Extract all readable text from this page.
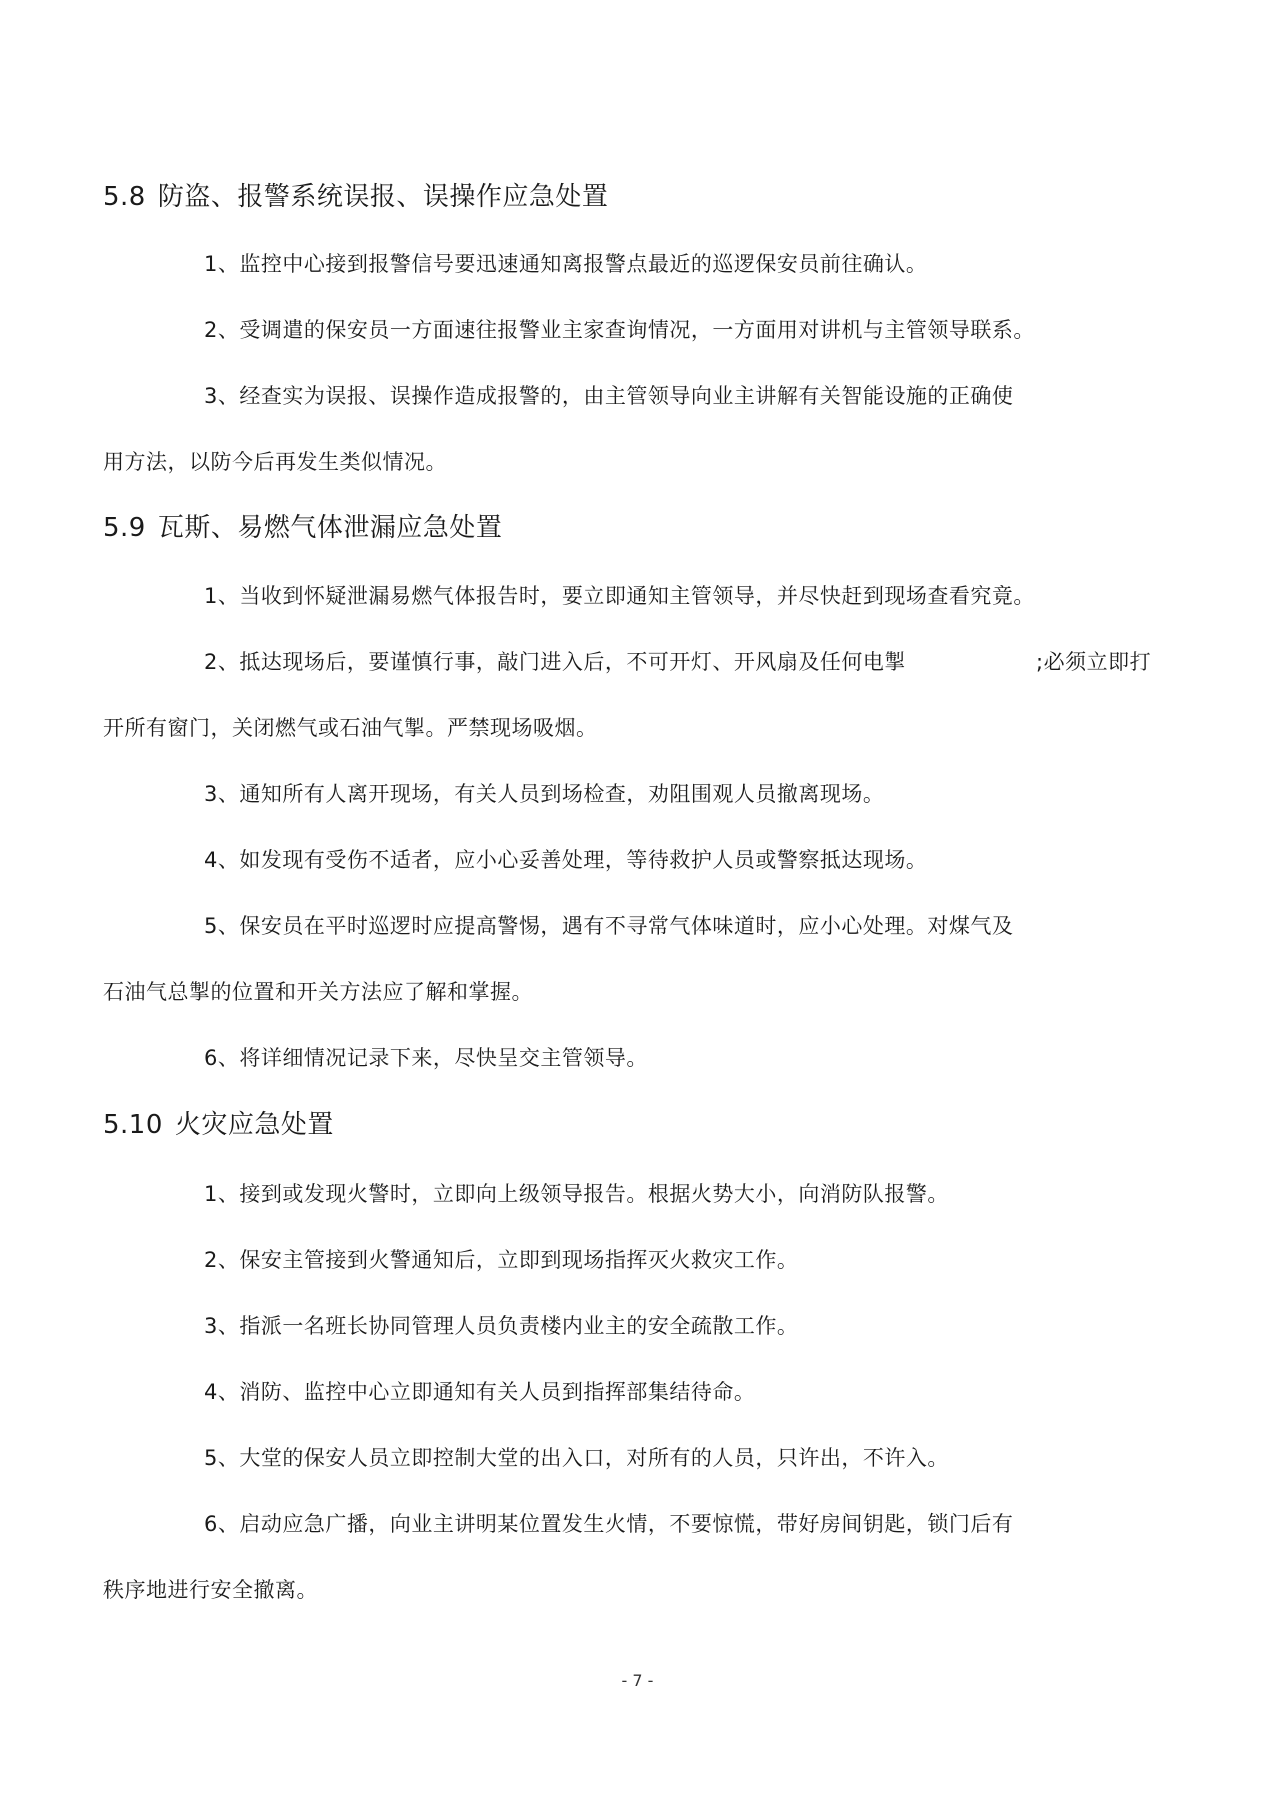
5.8 防盗、报警系统误报、误操作应急处置
1、监控中心接到报警信号要迅速通知离报警点最近的巡逻保安员前往确认。
2、受调遣的保安员一方面速往报警业主家查询情况，一方面用对讲机与主管领导联系。
3、经查实为误报、误操作造成报警的，由主管领导向业主讲解有关智能设施的正确使
用方法，以防今后再发生类似情况。
5.9 瓦斯、易燃气体泄漏应急处置
1、当收到怀疑泄漏易燃气体报告时，要立即通知主管领导，并尽快赶到现场查看究竟。
2、抵达现场后，要谨慎行事，敲门进入后，不可开灯、开风扇及任何电掣	;必须立即打
开所有窗门，关闭燃气或石油气掣。严禁现场吸烟。
3、通知所有人离开现场，有关人员到场检查，劝阻围观人员撤离现场。
4、如发现有受伤不适者，应小心妥善处理，等待救护人员或警察抵达现场。
5、保安员在平时巡逻时应提高警惕，遇有不寻常气体味道时，应小心处理。对煤气及
石油气总掣的位置和开关方法应了解和掌握。
6、将详细情况记录下来，尽快呈交主管领导。
5.10 火灾应急处置
1、接到或发现火警时，立即向上级领导报告。根据火势大小，向消防队报警。
2、保安主管接到火警通知后，立即到现场指挥灭火救灾工作。
3、指派一名班长协同管理人员负责楼内业主的安全疏散工作。
4、消防、监控中心立即通知有关人员到指挥部集结待命。
5、大堂的保安人员立即控制大堂的出入口，对所有的人员，只许出，不许入。
6、启动应急广播，向业主讲明某位置发生火情，不要惊慌，带好房间钥匙，锁门后有
秩序地进行安全撤离。
- 7 -
